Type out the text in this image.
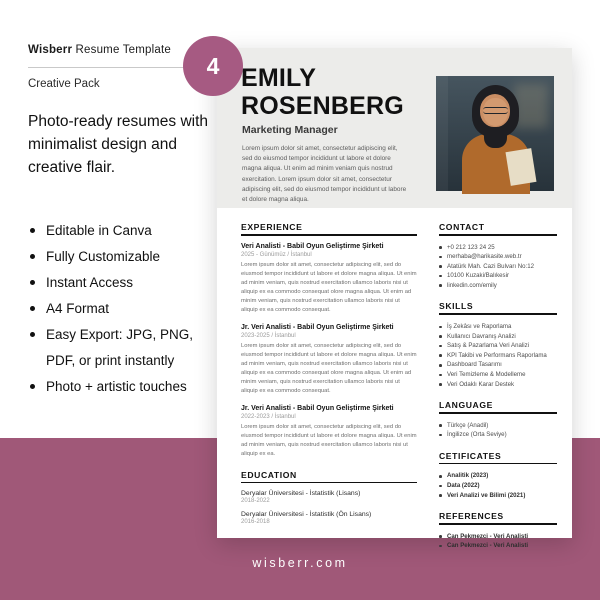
wisberr.com
Wisberr Resume Template
Creative Pack
Photo-ready resumes with minimalist design and creative flair.
Editable in Canva
Fully Customizable
Instant Access
A4 Format
Easy Export: JPG, PNG, PDF, or print instantly
Photo + artistic touches
4 EMILY
ROSENBERG
Marketing Manager
Lorem ipsum dolor sit amet, consectetur adipiscing elit, sed do eiusmod tempor incididunt ut labore et dolore magna aliqua. Ut enim ad minim veniam quis nostrud exercitation. Lorem ipsum dolor sit amet, consectetur adipiscing elit, sed do eiusmod tempor incididunt ut labore et dolore magna aliqua.
EXPERIENCE
Veri Analisti - Babil Oyun Geliştirme Şirketi
2025 - Günümüz / İstanbul
Lorem ipsum dolor sit amet, consectetur adipiscing elit, sed do eiusmod tempor incididunt ut labore et dolore magna aliqua. Ut enim ad minim veniam, quis nostrud exercitation ullamco laboris nisi ut aliquip ex ea commodo consequat olore magna aliqua. Ut enim ad minim veniam, quis nostrud exercitation ullamco laboris nisi ut aliquip ex ea commodo consequat.
Jr. Veri Analisti - Babil Oyun Geliştirme Şirketi
2023-2025 / İstanbul
Lorem ipsum dolor sit amet, consectetur adipiscing elit, sed do eiusmod tempor incididunt ut labore et dolore magna aliqua. Ut enim ad minim veniam, quis nostrud exercitation ullamco laboris nisi ut aliquip ex ea commodo consequat olore magna aliqua. Ut enim ad minim veniam, quis nostrud exercitation ullamco laboris nisi ut aliquip ex ea commodo consequat.
Jr. Veri Analisti - Babil Oyun Geliştirme Şirketi
2022-2023 / İstanbul
Lorem ipsum dolor sit amet, consectetur adipiscing elit, sed do eiusmod tempor incididunt ut labore et dolore magna aliqua. Ut enim ad minim veniam, quis nostrud exercitation ullamco laboris nisi ut aliquip ex ea.
EDUCATION
Deryalar Üniversitesi - İstatistik (Lisans)
2018-2022
Deryalar Üniversitesi - İstatistik (Ön Lisans)
2016-2018
CONTACT
+0 212 123 24 25
merhaba@harikasite.web.tr
Atatürk Mah. Cazi Bulvarı No:12
10100 Kuzaki/Balıkesir
linkedin.com/emily
SKILLS
İş Zekâsı ve Raporlama
Kullanıcı Davranış Analizi
Satış & Pazarlama Veri Analizi
KPI Takibi ve Performans Raporlama
Dashboard Tasarımı
Veri Temizleme & Modelleme
Veri Odaklı Karar Destek
LANGUAGE
Türkçe (Anadil)
İngilizce (Orta Seviye)
CETIFICATES
Analitik (2023)
Data (2022)
Veri Analizi ve Bilimi (2021)
REFERENCES
Can Pekmezci - Veri Analisti
Can Pekmezci - Veri Analisti
